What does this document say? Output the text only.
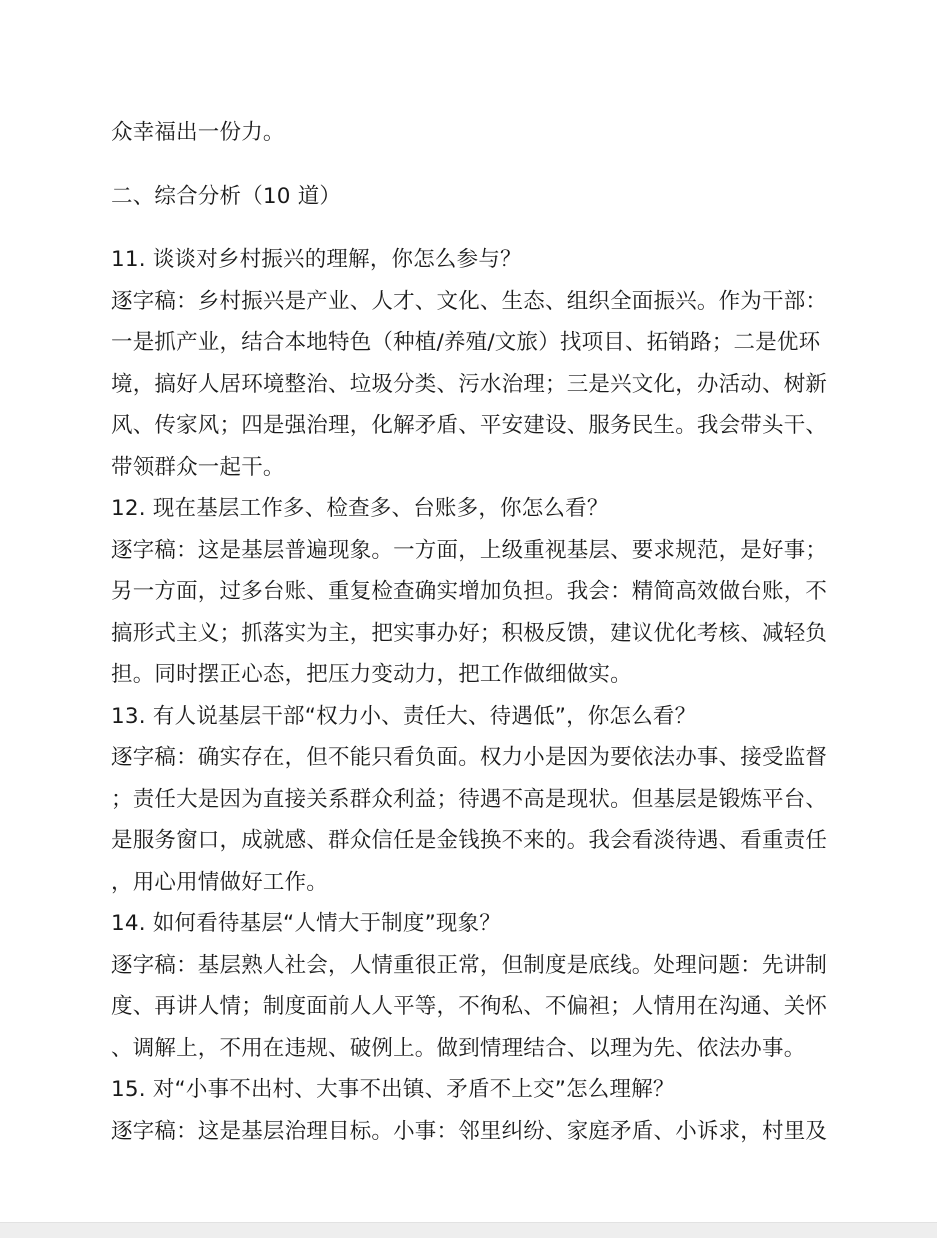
众幸福出一份力。
二、综合分析（10 道）
11. 谈谈对乡村振兴的理解，你怎么参与？
逐字稿：乡村振兴是产业、人才、文化、生态、组织全面振兴。作为干部：
一是抓产业，结合本地特色（种植/养殖/文旅）找项目、拓销路；二是优环
境，搞好人居环境整治、垃圾分类、污水治理；三是兴文化，办活动、树新
风、传家风；四是强治理，化解矛盾、平安建设、服务民生。我会带头干、
带领群众一起干。
12. 现在基层工作多、检查多、台账多，你怎么看？
逐字稿：这是基层普遍现象。一方面，上级重视基层、要求规范，是好事；
另一方面，过多台账、重复检查确实增加负担。我会：精简高效做台账，不
搞形式主义；抓落实为主，把实事办好；积极反馈，建议优化考核、减轻负
担。同时摆正心态，把压力变动力，把工作做细做实。
13. 有人说基层干部“权力小、责任大、待遇低”，你怎么看？
逐字稿：确实存在，但不能只看负面。权力小是因为要依法办事、接受监督
；责任大是因为直接关系群众利益；待遇不高是现状。但基层是锻炼平台、
是服务窗口，成就感、群众信任是金钱换不来的。我会看淡待遇、看重责任
，用心用情做好工作。
14. 如何看待基层“人情大于制度”现象？
逐字稿：基层熟人社会，人情重很正常，但制度是底线。处理问题：先讲制
度、再讲人情；制度面前人人平等，不徇私、不偏袒；人情用在沟通、关怀
、调解上，不用在违规、破例上。做到情理结合、以理为先、依法办事。
15. 对“小事不出村、大事不出镇、矛盾不上交”怎么理解？
逐字稿：这是基层治理目标。小事：邻里纠纷、家庭矛盾、小诉求，村里及
